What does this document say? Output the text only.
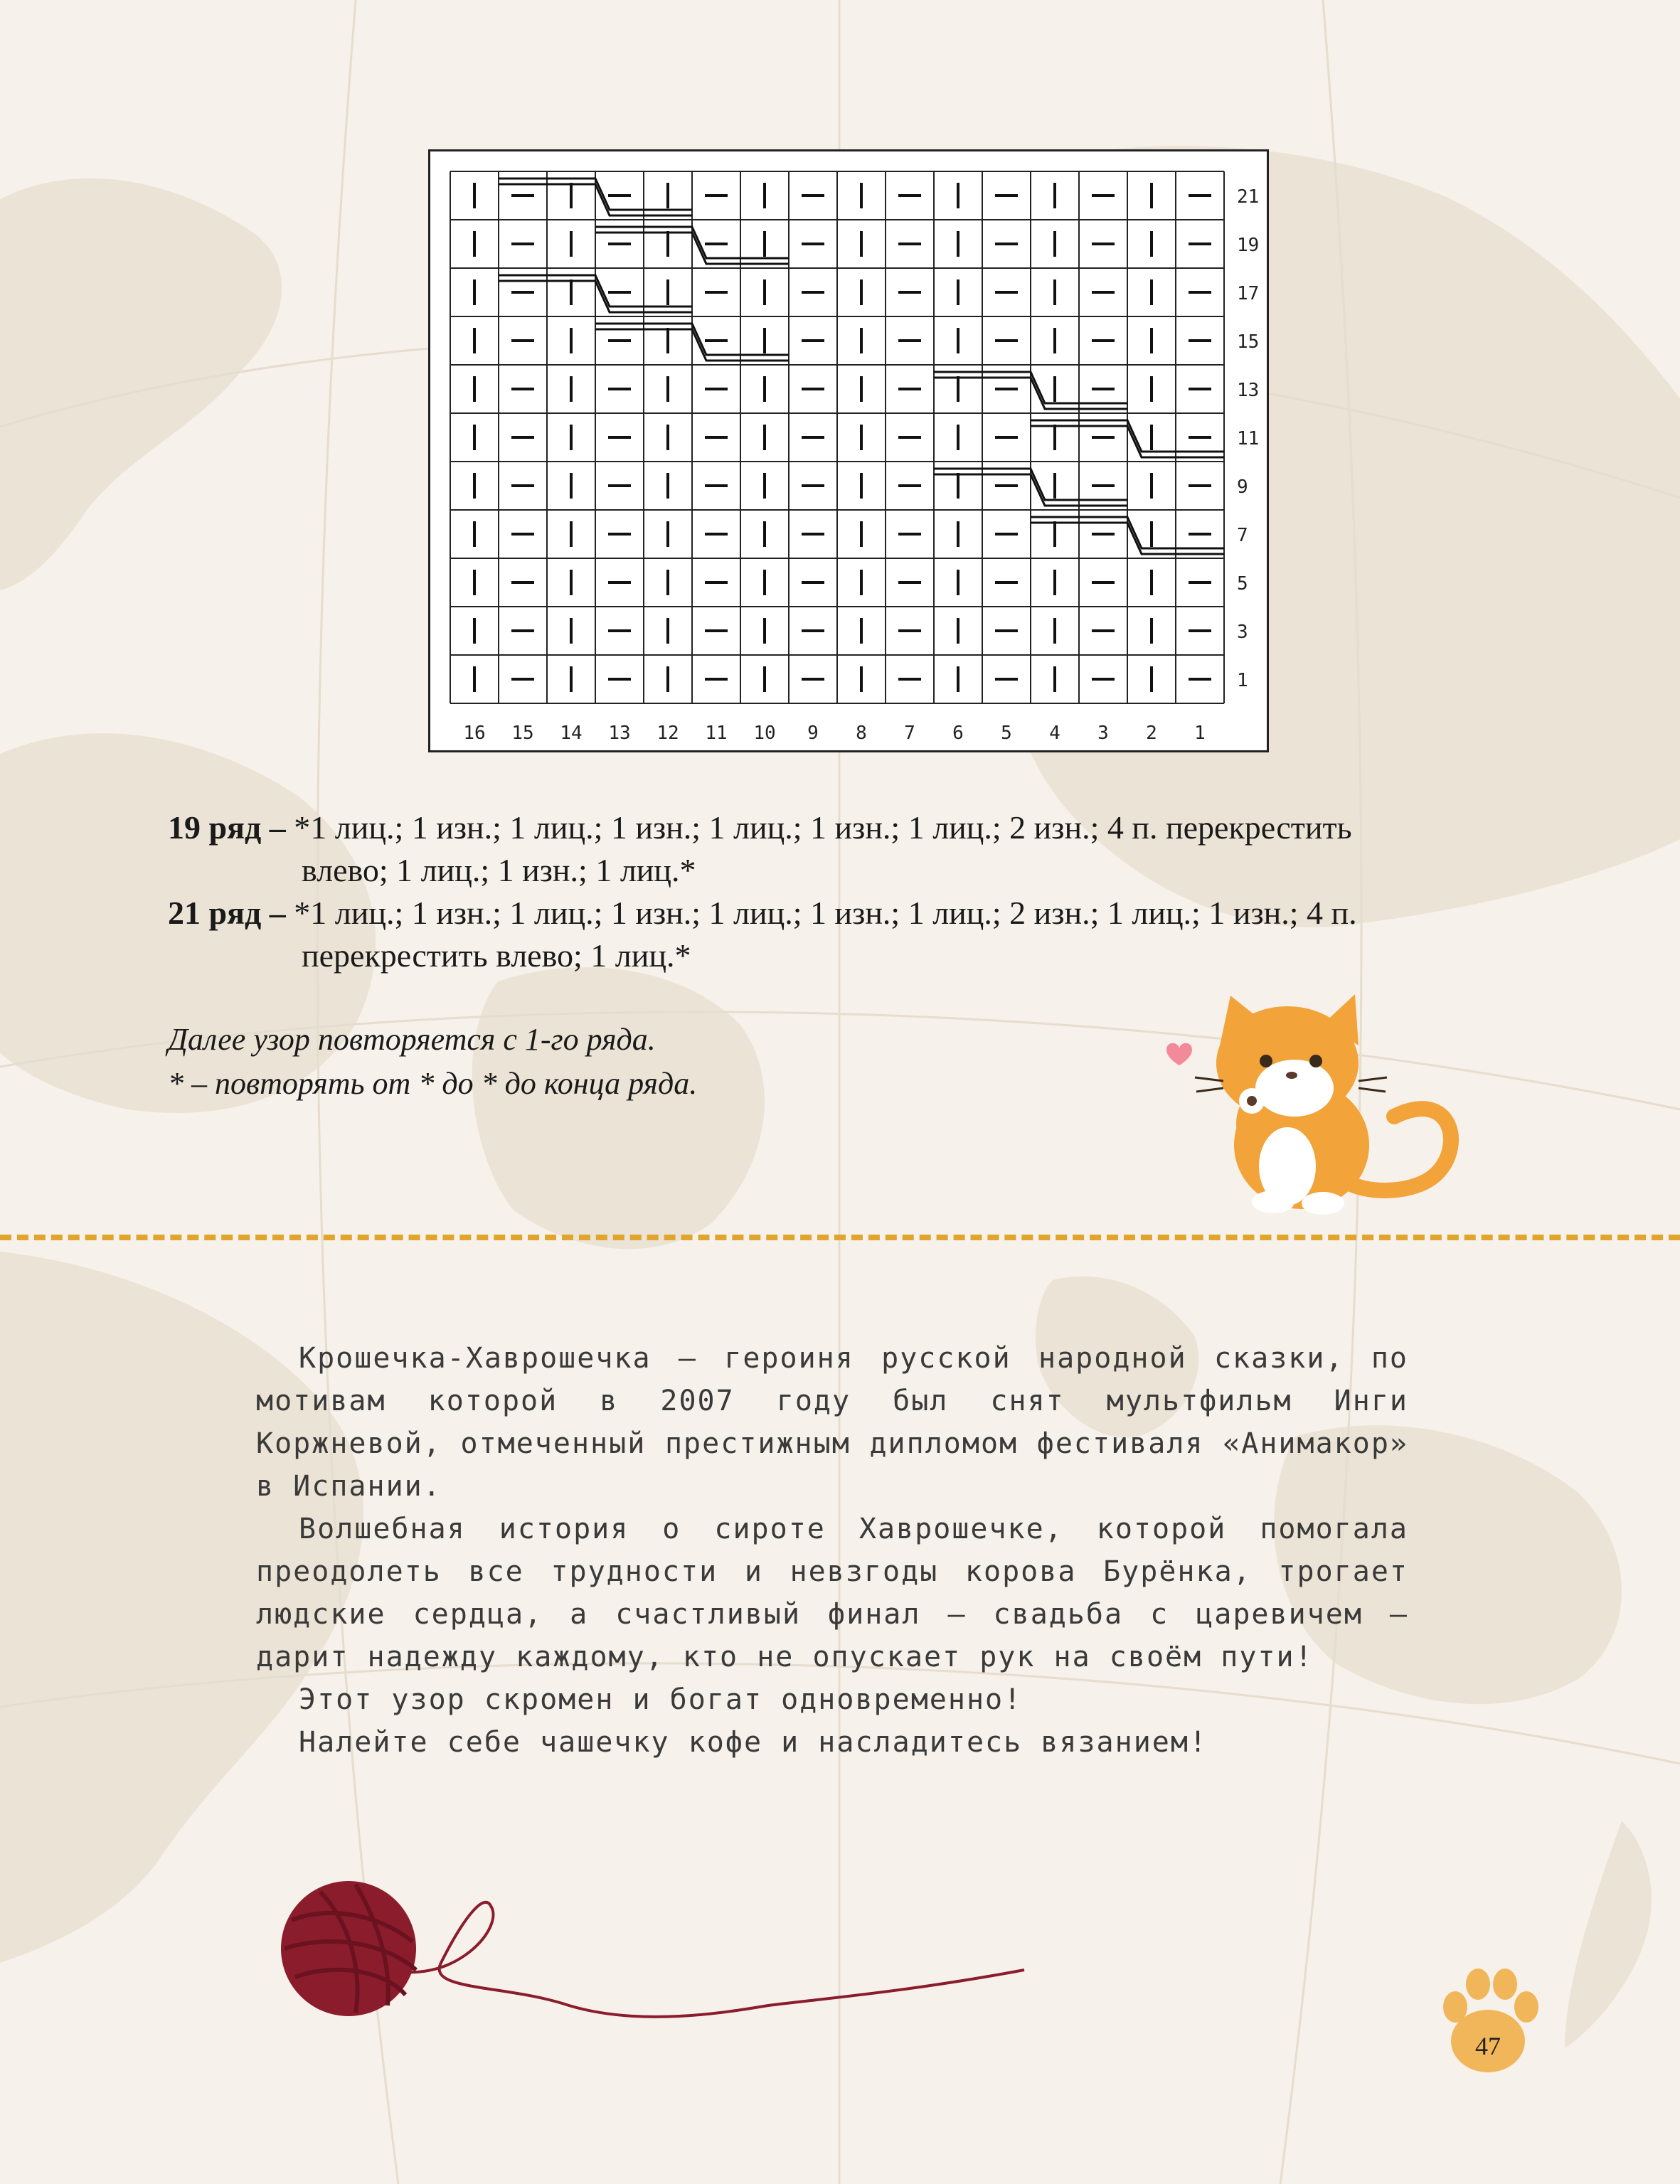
21
19
17
15
13
11
9
7
5
3
1
16 15 14 13 12 11 10 9 8 7 6 5 4 3 2 1
19 ряд – *1 лиц.; 1 изн.; 1 лиц.; 1 изн.; 1 лиц.; 1 изн.; 1 лиц.; 2 изн.; 4 п. перекрестить
влево; 1 лиц.; 1 изн.; 1 лиц.*
21 ряд – *1 лиц.; 1 изн.; 1 лиц.; 1 изн.; 1 лиц.; 1 изн.; 1 лиц.; 2 изн.; 1 лиц.; 1 изн.; 4 п.
перекрестить влево; 1 лиц.*
Далее узор повторяется с 1-го ряда.
* – повторять от * до * до конца ряда.

Крошечка-Хаврошечка – героиня русской народной сказки, по мотивам которой в 2007 году был снят мультфильм Инги Коржневой, отмеченный престижным дипломом фестиваля «Анимакор» в Испании.

Волшебная история о сироте Хаврошечке, которой помогала преодолеть все трудности и невзгоды корова Бурёнка, трогает людские сердца, а счастливый финал – свадьба с царевичем – дарит надежду каждому, кто не опускает рук на своём пути!

Этот узор скромен и богат одновременно!

Налейте себе чашечку кофе и насладитесь вязанием!

47
